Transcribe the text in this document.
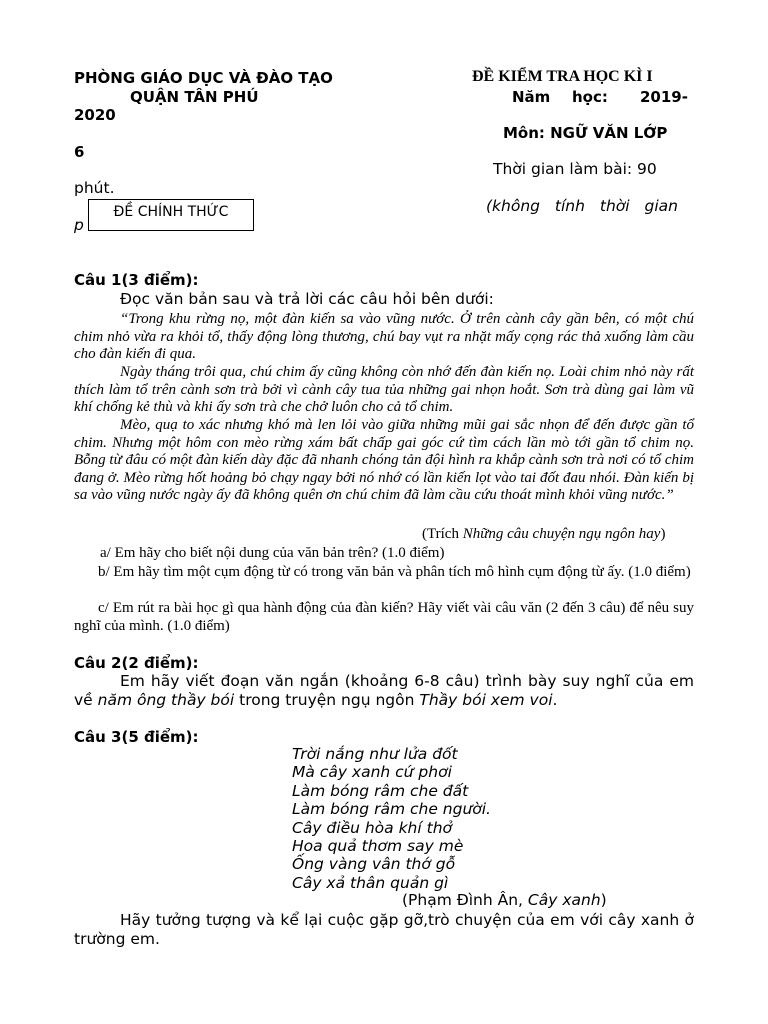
PHÒNG GIÁO DỤC VÀ ĐÀO TẠO
QUẬN TÂN PHÚ
2020
ĐỀ KIỂM TRA HỌC KÌ I
Năm học: 2019-
Môn: NGỮ VĂN LỚP
6
Thời gian làm bài: 90
phút.
(không tính thời gian
p
ĐỀ CHÍNH THỨC
Câu 1(3 điểm):
Đọc văn bản sau và trả lời các câu hỏi bên dưới:
“Trong khu rừng nọ, một đàn kiến sa vào vũng nước. Ở trên cành cây gần bên, có một chú chim nhỏ vừa ra khỏi tổ, thấy động lòng thương, chú bay vụt ra nhặt mấy cọng rác thả xuống làm cầu cho đàn kiến đi qua.
Ngày tháng trôi qua, chú chim ấy cũng không còn nhớ đến đàn kiến nọ. Loài chim nhỏ này rất thích làm tổ trên cành sơn trà bởi vì cành cây tua tủa những gai nhọn hoắt. Sơn trà dùng gai làm vũ khí chống kẻ thù và khi ấy sơn trà che chở luôn cho cả tổ chim.
Mèo, quạ to xác nhưng khó mà len lỏi vào giữa những mũi gai sắc nhọn để đến được gần tổ chim. Nhưng một hôm con mèo rừng xám bất chấp gai góc cứ tìm cách lần mò tới gần tổ chim nọ. Bỗng từ đâu có một đàn kiến dày đặc đã nhanh chóng tản đội hình ra khắp cành sơn trà nơi có tổ chim đang ở. Mèo rừng hốt hoảng bỏ chạy ngay bởi nó nhớ có lần kiến lọt vào tai đốt đau nhói. Đàn kiến bị sa vào vũng nước ngày ấy đã không quên ơn chú chim đã làm cầu cứu thoát mình khỏi vũng nước.”
(Trích Những câu chuyện ngụ ngôn hay)
a/ Em hãy cho biết nội dung của văn bản trên? (1.0 điểm)
b/ Em hãy tìm một cụm động từ có trong văn bản và phân tích mô hình cụm động từ ấy. (1.0 điểm)
c/ Em rút ra bài học gì qua hành động của đàn kiến? Hãy viết vài câu văn (2 đến 3 câu) để nêu suy nghĩ của mình. (1.0 điểm)
Câu 2(2 điểm):
Em hãy viết đoạn văn ngắn (khoảng 6-8 câu) trình bày suy nghĩ của em về năm ông thầy bói trong truyện ngụ ngôn Thầy bói xem voi.
Câu 3(5 điểm):
Trời nắng như lửa đốt
Mà cây xanh cứ phơi
Làm bóng râm che đất
Làm bóng râm che người.
Cây điều hòa khí thở
Hoa quả thơm say mè
Ống vàng vân thớ gỗ
Cây xả thân quản gì
(Phạm Đình Ân, Cây xanh)
Hãy tưởng tượng và kể lại cuộc gặp gỡ,trò chuyện của em với cây xanh ở trường em.
